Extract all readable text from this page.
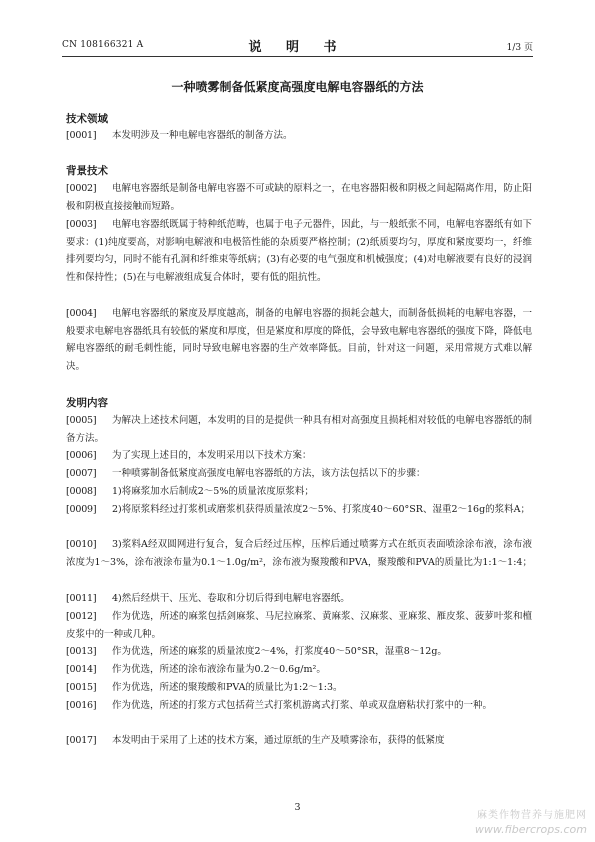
CN 108166321 A	说 明 书	1/3 页
一种喷雾制备低紧度高强度电解电容器纸的方法
技术领域
[0001]	本发明涉及一种电解电容器纸的制备方法。
背景技术
[0002]	电解电容器纸是制备电解电容器不可或缺的原料之一，在电容器阳极和阴极之间起隔离作用，防止阳极和阴极直接接触而短路。
[0003]	电解电容器纸既属于特种纸范畴，也属于电子元器件，因此，与一般纸张不同，电解电容器纸有如下要求：(1)纯度要高，对影响电解液和电极箔性能的杂质要严格控制；(2)纸质要均匀，厚度和紧度要均一，纤维排列要均匀，同时不能有孔洞和纤维束等纸病；(3)有必要的电气强度和机械强度；(4)对电解液要有良好的浸润性和保持性；(5)在与电解液组成复合体时，要有低的阻抗性。
[0004]	电解电容器纸的紧度及厚度越高，制备的电解电容器的损耗会越大，而制备低损耗的电解电容器，一般要求电解电容器纸具有较低的紧度和厚度，但是紧度和厚度的降低，会导致电解电容器纸的强度下降，降低电解电容器纸的耐毛刺性能，同时导致电解电容器的生产效率降低。目前，针对这一问题，采用常规方式难以解决。
发明内容
[0005]	为解决上述技术问题，本发明的目的是提供一种具有相对高强度且损耗相对较低的电解电容器纸的制备方法。
[0006]	为了实现上述目的，本发明采用以下技术方案：
[0007]	一种喷雾制备低紧度高强度电解电容器纸的方法，该方法包括以下的步骤：
[0008]	1)将麻浆加水后制成2～5%的质量浓度原浆料；
[0009]	2)将原浆料经过打浆机或磨浆机获得质量浓度2～5%、打浆度40～60°SR、湿重2～16g的浆料A；
[0010]	3)浆料A经双圆网进行复合，复合后经过压榨，压榨后通过喷雾方式在纸页表面喷涂涂布液，涂布液浓度为1～3%，涂布液涂布量为0.1～1.0g/m²，涂布液为聚羧酸和PVA，聚羧酸和PVA的质量比为1:1～1:4；
[0011]	4)然后经烘干、压光、卷取和分切后得到电解电容器纸。
[0012]	作为优选，所述的麻浆包括剑麻浆、马尼拉麻浆、黄麻浆、汉麻浆、亚麻浆、雁皮浆、菠萝叶浆和檀皮浆中的一种或几种。
[0013]	作为优选，所述的麻浆的质量浓度2～4%，打浆度40～50°SR，湿重8～12g。
[0014]	作为优选，所述的涂布液涂布量为0.2～0.6g/m²。
[0015]	作为优选，所述的聚羧酸和PVA的质量比为1:2～1:3。
[0016]	作为优选，所述的打浆方式包括荷兰式打浆机游离式打浆、单或双盘磨粘状打浆中的一种。
[0017]	本发明由于采用了上述的技术方案，通过原纸的生产及喷雾涂布，获得的低紧度
3
麻类作物营养与施肥网
www.fibercrops.com
